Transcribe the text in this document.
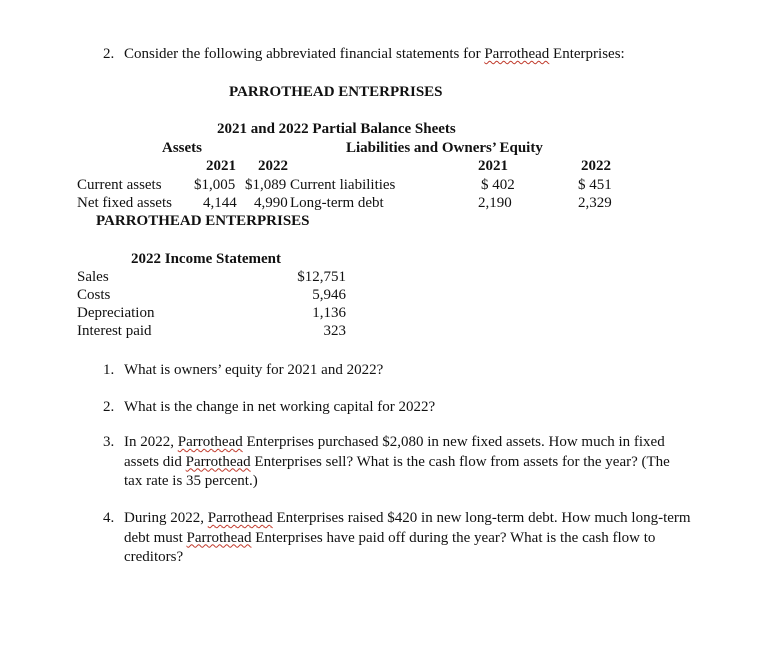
2. Consider the following abbreviated financial statements for Parrothead Enterprises:
PARROTHEAD ENTERPRISES
2021 and 2022 Partial Balance Sheets
Assets	Liabilities and Owners’ Equity
2021 2022	2021	2022
Current assets $1,005 $1,089 Current liabilities	$ 402	$ 451
Net fixed assets 4,144 4,990 Long-term debt	2,190	2,329
PARROTHEAD ENTERPRISES
2022 Income Statement
Sales	$12,751
Costs	5,946
Depreciation	1,136
Interest paid	323
1. What is owners’ equity for 2021 and 2022?
2. What is the change in net working capital for 2022?
3. In 2022, Parrothead Enterprises purchased $2,080 in new fixed assets. How much in fixed assets did Parrothead Enterprises sell? What is the cash flow from assets for the year? (The tax rate is 35 percent.)
4. During 2022, Parrothead Enterprises raised $420 in new long-term debt. How much long-term debt must Parrothead Enterprises have paid off during the year? What is the cash flow to creditors?
